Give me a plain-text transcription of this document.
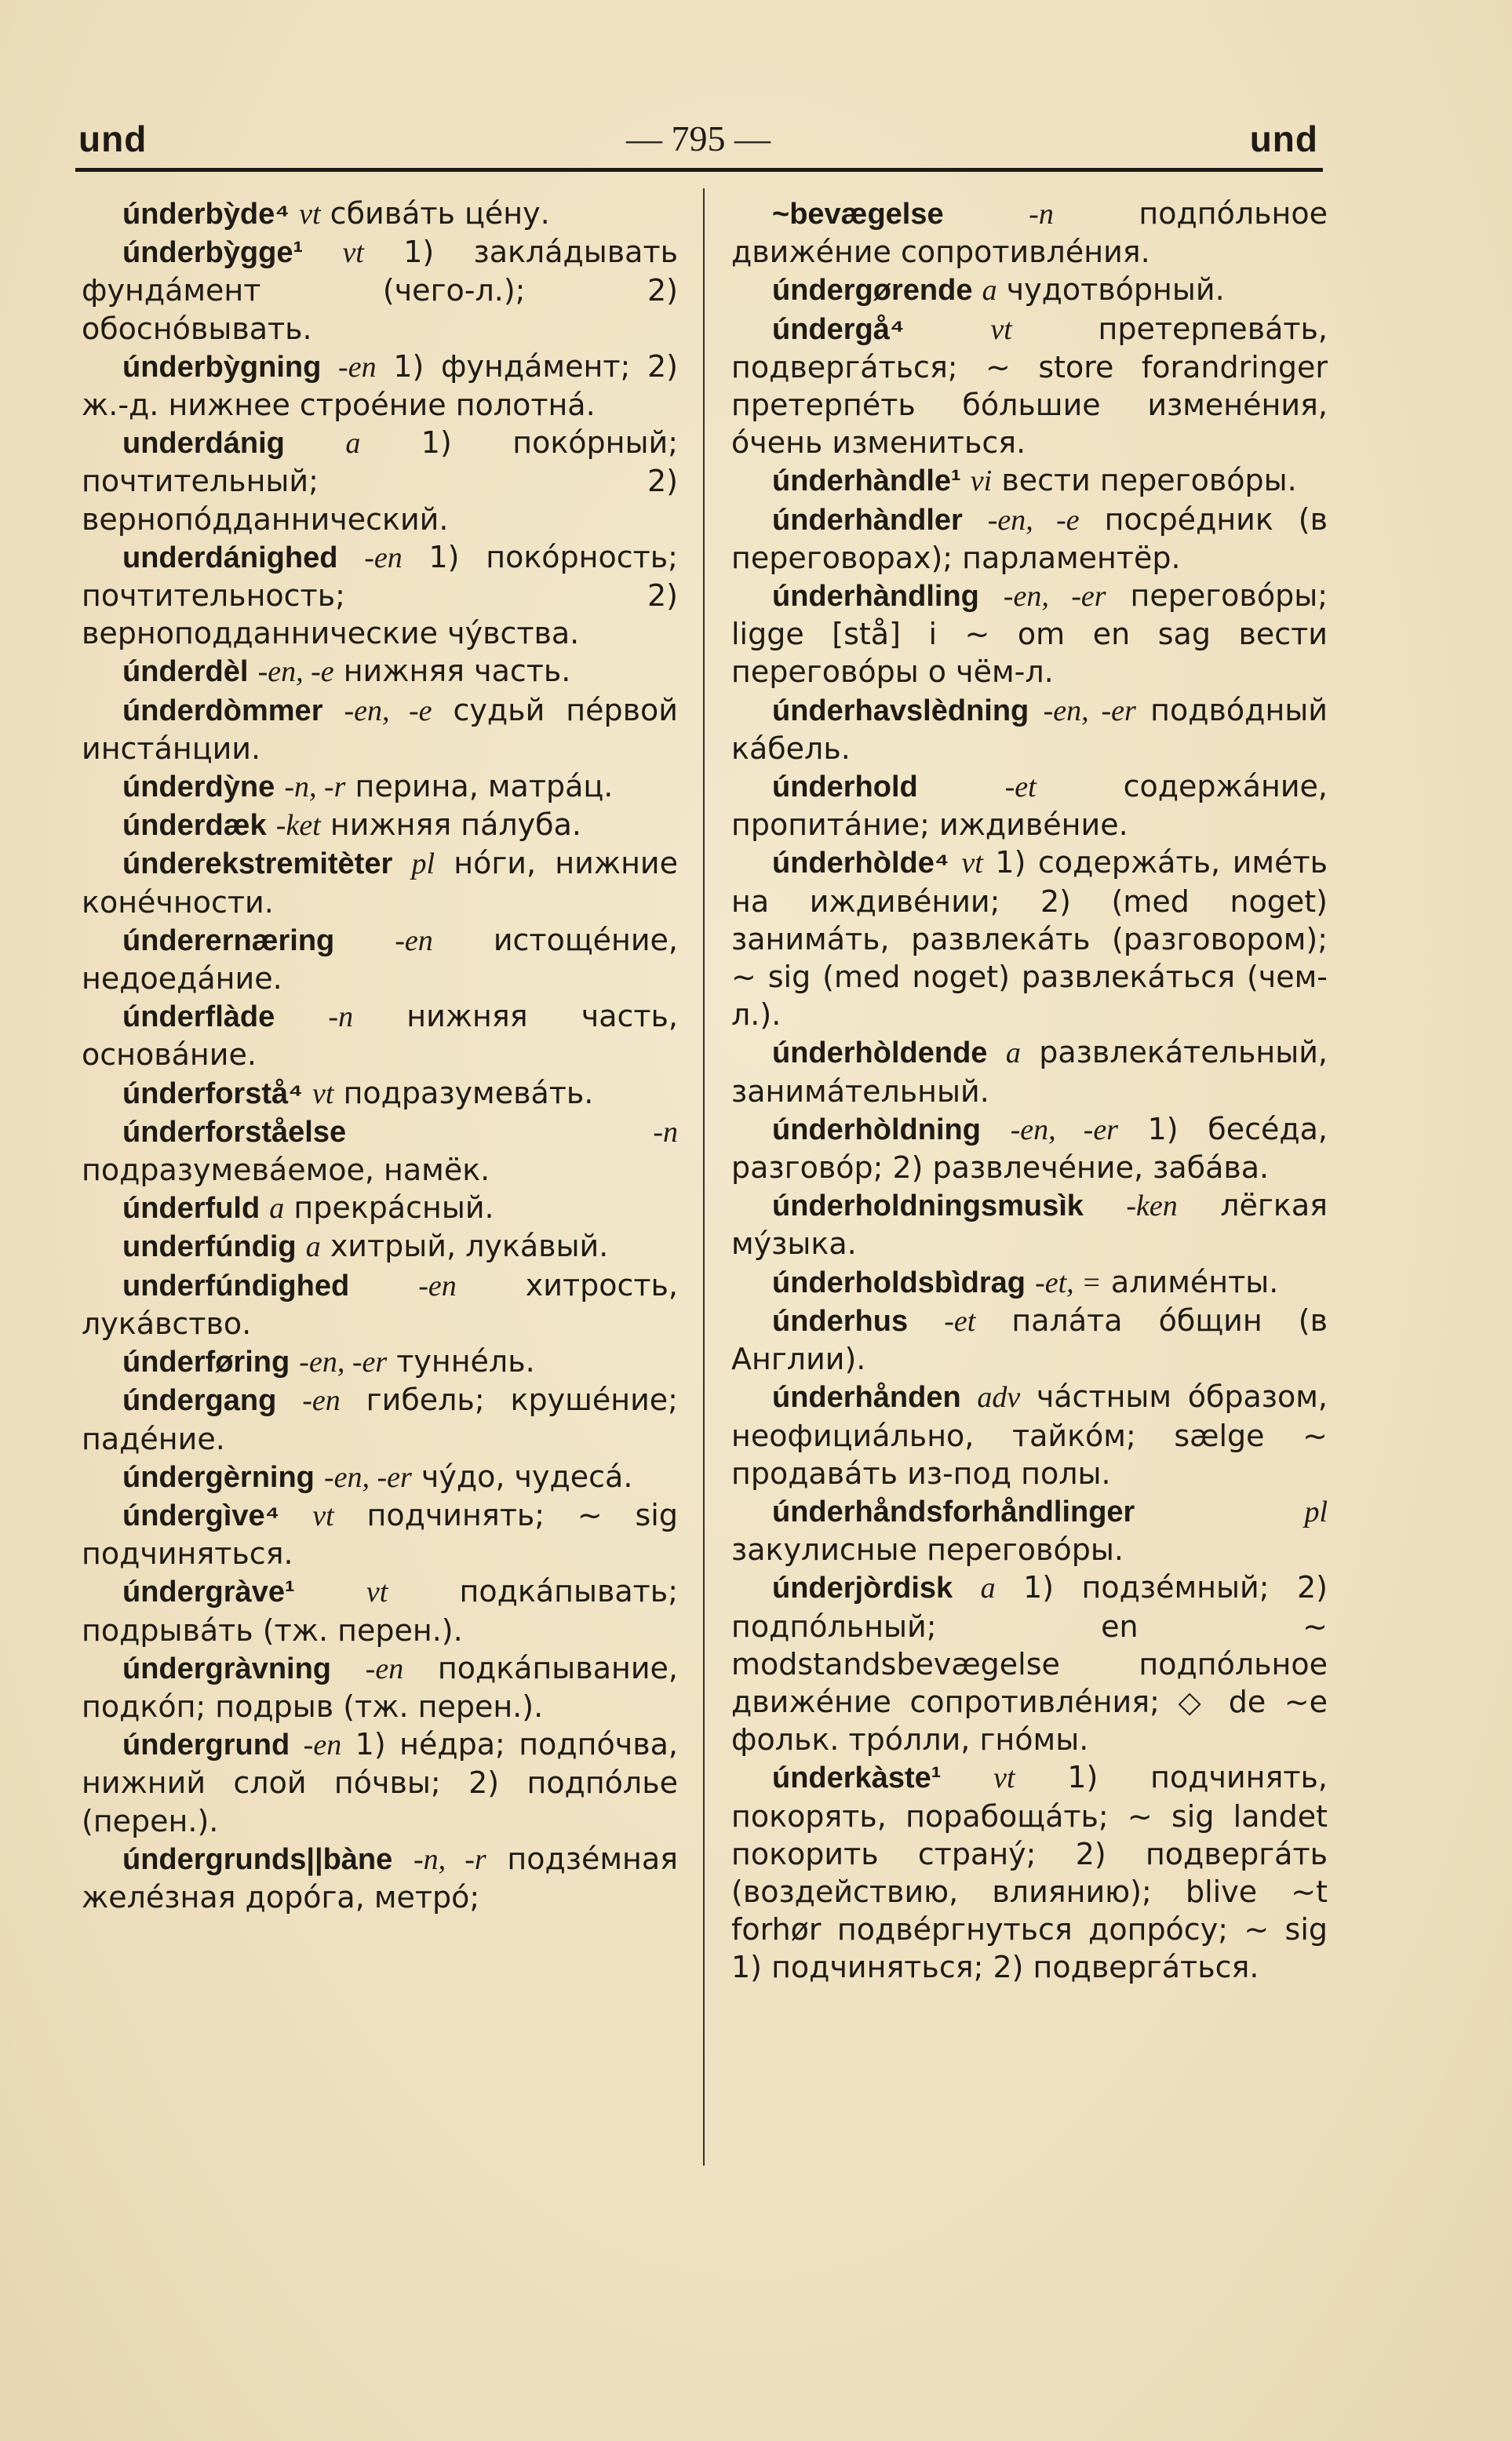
und	— 795 —	und

únderbỳde⁴ vt сбивáть цéну.

únderbỳgge¹ vt 1) заклáдывать фундáмент (чего-л.); 2) обоснóвывать.

únderbỳgning -en 1) фундáмент; 2) ж.-д. нижнее строéние полотнá.

underdánig a 1) покóрный; почтительный; 2) вернопóдданнический.

underdánighed -en 1) покóрность; почтительность; 2) верноподданнические чýвства.

únderdèl -en, -e нижняя часть.

únderdòmmer -en, -e судьй пéрвой инстáнции.

únderdỳne -n, -r перина, матрáц.

únderdæk -ket нижняя пáлуба.

únderekstremitèter pl нóги, нижние конéчности.

únderernæring -en истощéние, недоедáние.

únderflàde -n нижняя часть, основáние.

únderforstå⁴ vt подразумевáть.

únderforståelse	-n подразумевáемое, намёк.

únderfuld a прекрáсный.

underfúndig a хитрый, лукáвый.

underfúndighed -en хитрость, лукáвство.

únderføring -en, -er туннéль.

úndergang -en гибель; крушéние; падéние.

úndergèrning -en, -er чýдо, чудесá.

úndergìve⁴ vt подчинять; ~ sig подчиняться.

úndergràve¹ vt подкáпывать; подрывáть (тж. перен.).

úndergràvning -en подкáпывание, подкóп; подрыв (тж. перен.).

úndergrund -en 1) нéдра; подпóчва, нижний слой пóчвы; 2) подпóлье (перен.).

úndergrunds||bàne -n, -r подзéмная желéзная дорóга, метрó;

~bevægelse	-n	подпóльное движéние сопротивлéния.

úndergørende a чудотвóрный.

úndergå⁴	vt	претерпевáть, подвергáться; ~ store forandringer претерпéть бóльшие изменéния, óчень измениться.

únderhàndle¹ vi вести переговóры.

únderhàndler -en, -e посрéдник (в переговорах); парламентёр.

únderhàndling -en, -er переговóры; ligge [stå] i ~ om en sag вести переговóры о чём-л.

únderhavslèdning -en, -er подвóдный кáбель.

únderhold	-et	содержáние, пропитáние; иждивéние.

únderhòlde⁴ vt 1) содержáть, имéть на иждивéнии; 2) (med noget) занимáть, развлекáть (разговором); ~ sig (med noget) развлекáться (чем-л.).

únderhòldende a развлекáтельный, занимáтельный.

únderhòldning -en, -er 1) бесéда, разговóр; 2) развлечéние, забáва.

únderholdningsmusìk -ken лёгкая мýзыка.

únderholdsbìdrag -et, = алимéнты.

únderhus -et палáта óбщин (в Англии).

únderhånden adv чáстным óбразом, неофициáльно, тайкóм; sælge ~ продавáть из-под полы.

únderhåndsforhåndlinger	pl закулисные переговóры.

únderjòrdisk a 1) подзéмный; 2) подпóльный; en ~ modstandsbevægelse подпóльное движéние сопротивлéния; ◇ de ~e фольк. трóлли, гнóмы.

únderkàste¹ vt 1) подчинять, покорять, порабощáть; ~ sig landet покорить странý; 2) подвергáть (воздействию, влиянию); blive ~t forhør подвéргнуться допрóсу; ~ sig 1) подчиняться; 2) подвергáться.
